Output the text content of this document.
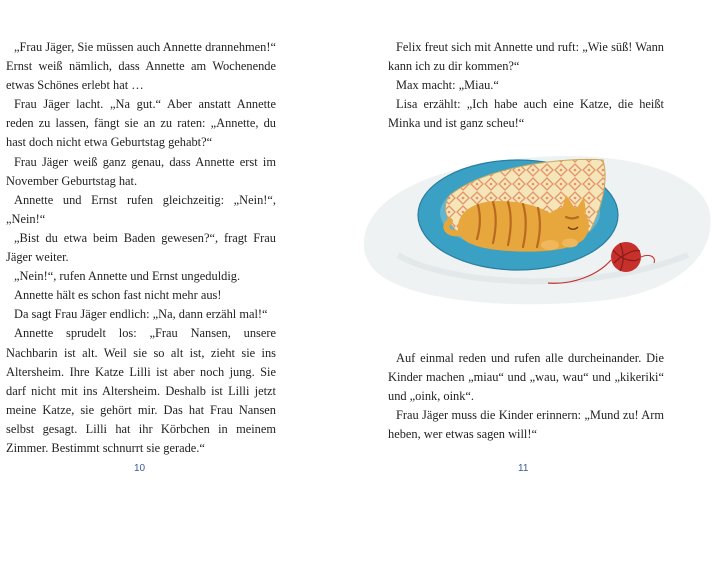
„Frau Jäger, Sie müssen auch Annette drannehmen!“ Ernst weiß nämlich, dass Annette am Wochenende etwas Schönes erlebt hat …

Frau Jäger lacht. „Na gut.“ Aber anstatt Annette reden zu lassen, fängt sie an zu raten: „Annette, du hast doch nicht etwa Geburtstag gehabt?“

Frau Jäger weiß ganz genau, dass Annette erst im November Geburtstag hat.

Annette und Ernst rufen gleichzeitig: „Nein!“, „Nein!“

„Bist du etwa beim Baden gewesen?“, fragt Frau Jäger weiter.

„Nein!“, rufen Annette und Ernst ungeduldig.

Annette hält es schon fast nicht mehr aus!

Da sagt Frau Jäger endlich: „Na, dann erzähl mal!“

Annette sprudelt los: „Frau Nansen, unsere Nachbarin ist alt. Weil sie so alt ist, zieht sie ins Altersheim. Ihre Katze Lilli ist aber noch jung. Sie darf nicht mit ins Altersheim. Deshalb ist Lilli jetzt meine Katze, sie gehört mir. Das hat Frau Nansen selbst gesagt. Lilli hat ihr Körbchen in meinem Zimmer. Bestimmt schnurrt sie gerade.“

10

Felix freut sich mit Annette und ruft: „Wie süß! Wann kann ich zu dir kommen?“

Max macht: „Miau.“

Lisa erzählt: „Ich habe auch eine Katze, die heißt Minka und ist ganz scheu!“

Auf einmal reden und rufen alle durcheinander. Die Kinder machen „miau“ und „wau, wau“ und „kikeriki“ und „oink, oink“.

Frau Jäger muss die Kinder erinnern: „Mund zu! Arm heben, wer etwas sagen will!“

11
